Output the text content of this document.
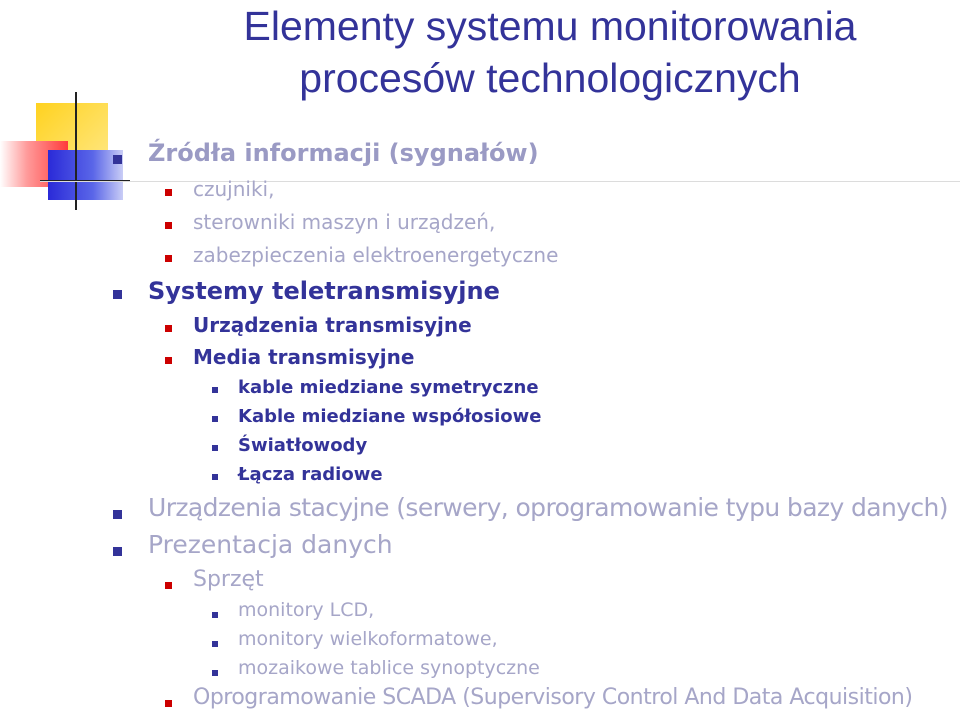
Elementy systemu monitorowania
procesów technologicznych
Źródła informacji (sygnałów)
czujniki,
sterowniki maszyn i urządzeń,
zabezpieczenia elektroenergetyczne
Systemy teletransmisyjne
Urządzenia transmisyjne
Media transmisyjne
kable miedziane symetryczne
Kable miedziane współosiowe
Światłowody
Łącza radiowe
Urządzenia stacyjne (serwery, oprogramowanie typu bazy danych)
Prezentacja danych
Sprzęt
monitory LCD,
monitory wielkoformatowe,
mozaikowe tablice synoptyczne
Oprogramowanie SCADA (Supervisory Control And Data Acquisition)
